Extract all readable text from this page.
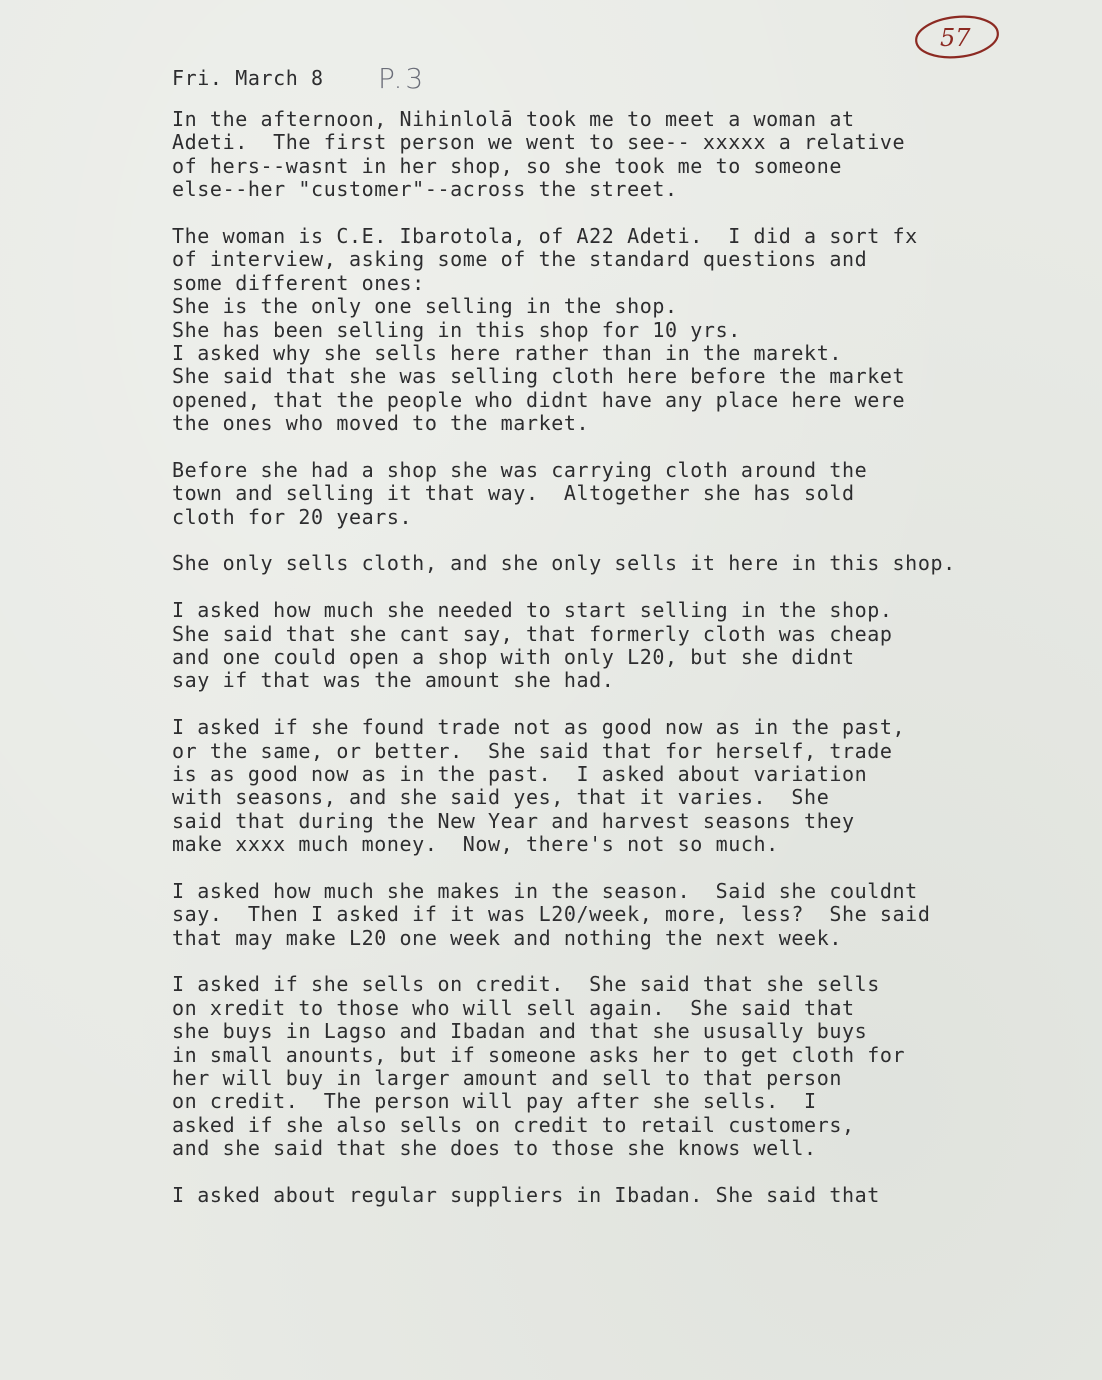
57
Fri. March 8 P.3
In the afternoon, Nihinlolā took me to meet a woman at
Adeti.  The first person we went to see-- xxxxx a relative
of hers--wasnt in her shop, so she took me to someone
else--her "customer"--across the street.
The woman is C.E. Ibarotola, of A22 Adeti.  I did a sort fx
of interview, asking some of the standard questions and
some different ones:
She is the only one selling in the shop.
She has been selling in this shop for 10 yrs.
I asked why she sells here rather than in the marekt.
She said that she was selling cloth here before the market
opened, that the people who didnt have any place here were
the ones who moved to the market.
Before she had a shop she was carrying cloth around the
town and selling it that way.  Altogether she has sold
cloth for 20 years.
She only sells cloth, and she only sells it here in this shop.
I asked how much she needed to start selling in the shop.
She said that she cant say, that formerly cloth was cheap
and one could open a shop with only L20, but she didnt
say if that was the amount she had.
I asked if she found trade not as good now as in the past,
or the same, or better.  She said that for herself, trade
is as good now as in the past.  I asked about variation
with seasons, and she said yes, that it varies.  She
said that during the New Year and harvest seasons they
make xxxx much money.  Now, there's not so much.
I asked how much she makes in the season.  Said she couldnt
say.  Then I asked if it was L20/week, more, less?  She said
that may make L20 one week and nothing the next week.
I asked if she sells on credit.  She said that she sells
on xredit to those who will sell again.  She said that
she buys in Lagso and Ibadan and that she ususally buys
in small anounts, but if someone asks her to get cloth for
her will buy in larger amount and sell to that person
on credit.  The person will pay after she sells.  I
asked if she also sells on credit to retail customers,
and she said that she does to those she knows well.
I asked about regular suppliers in Ibadan. She said that
